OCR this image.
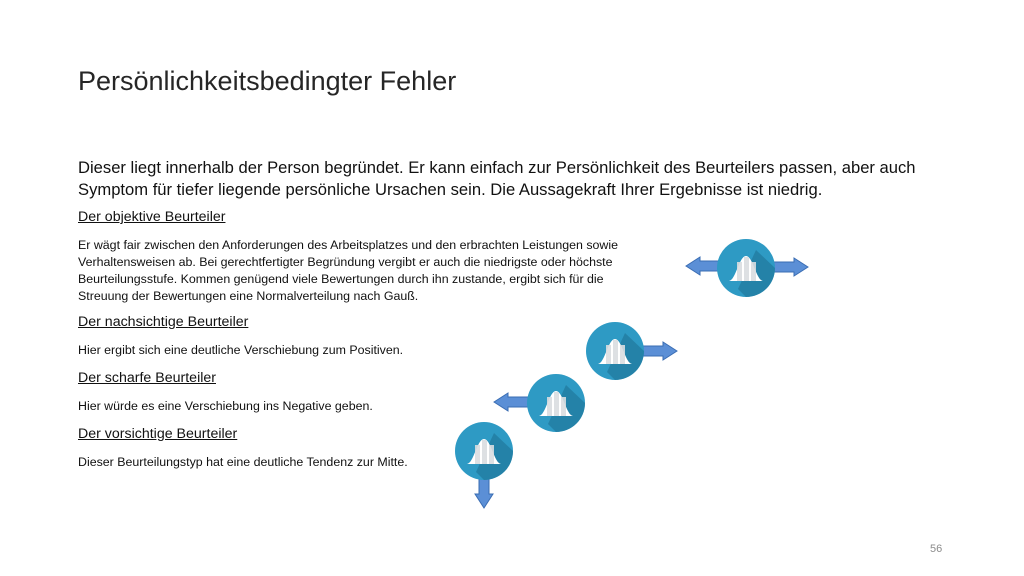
Persönlichkeitsbedingter Fehler
Dieser liegt innerhalb der Person begründet. Er kann einfach zur Persönlichkeit des Beurteilers passen, aber auch Symptom für tiefer liegende persönliche Ursachen sein. Die Aussagekraft Ihrer Ergebnisse ist niedrig.
Der objektive Beurteiler
Er wägt fair zwischen den Anforderungen des Arbeitsplatzes und den erbrachten Leistungen sowie
Verhaltensweisen ab. Bei gerechtfertigter Begründung vergibt er auch die niedrigste oder höchste
Beurteilungsstufe. Kommen genügend viele Bewertungen durch ihn zustande, ergibt sich für die
Streuung der Bewertungen eine Normalverteilung nach Gauß.
Der nachsichtige Beurteiler
Hier ergibt sich eine deutliche Verschiebung zum Positiven.
Der scharfe Beurteiler
Hier würde es eine Verschiebung ins Negative geben.
Der vorsichtige Beurteiler
Dieser Beurteilungstyp hat eine deutliche Tendenz zur Mitte.
56
